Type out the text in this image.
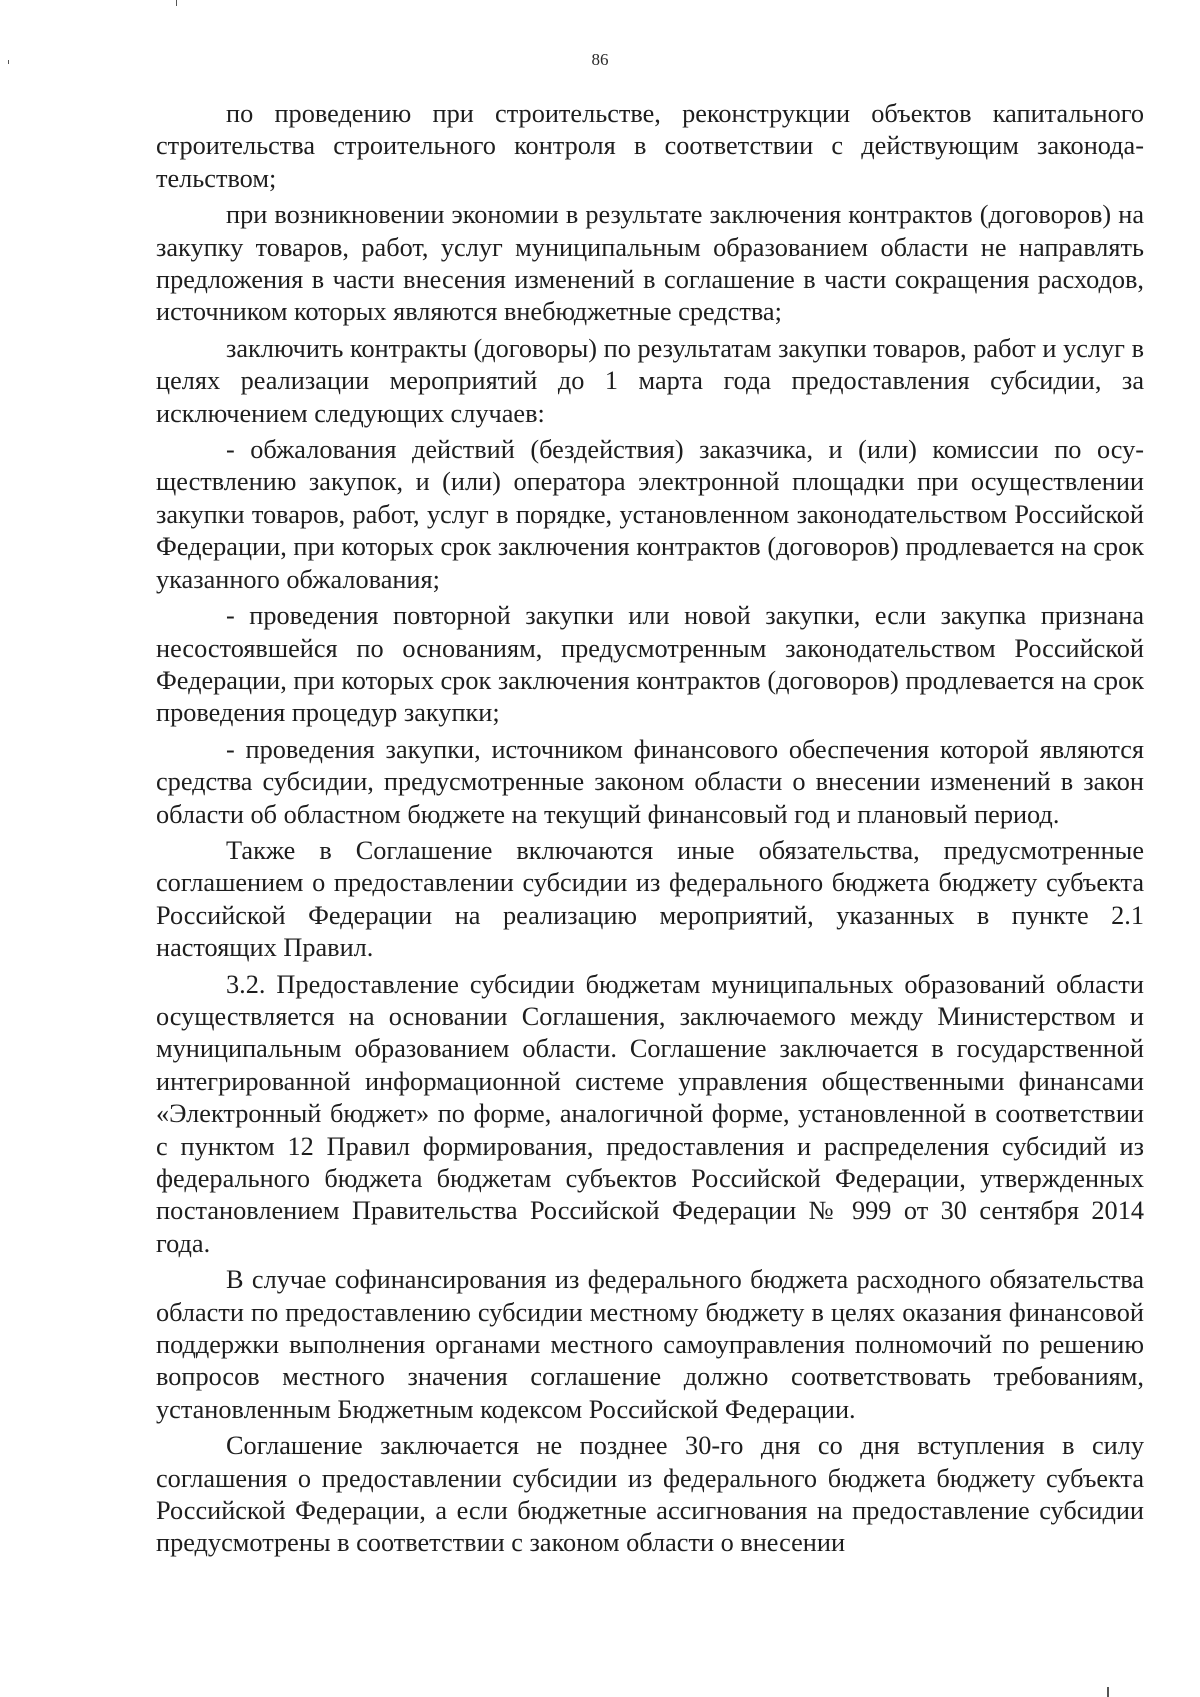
86

по проведению при строительстве, реконструкции объектов капитального строительства строительного контроля в соответствии с действующим законодательством;

при возникновении экономии в результате заключения контрактов (договоров) на закупку товаров, работ, услуг муниципальным образованием области не направлять предложения в части внесения изменений в соглашение в части сокращения расходов, источником которых являются внебюджетные средства;

заключить контракты (договоры) по результатам закупки товаров, работ и услуг в целях реализации мероприятий до 1 марта года предоставления субсидии, за исключением следующих случаев:

- обжалования действий (бездействия) заказчика, и (или) комиссии по осуществлению закупок, и (или) оператора электронной площадки при осуществлении закупки товаров, работ, услуг в порядке, установленном законодательством Российской Федерации, при которых срок заключения контрактов (договоров) продлевается на срок указанного обжалования;

- проведения повторной закупки или новой закупки, если закупка признана несостоявшейся по основаниям, предусмотренным законодательством Российской Федерации, при которых срок заключения контрактов (договоров) продлевается на срок проведения процедур закупки;

- проведения закупки, источником финансового обеспечения которой являются средства субсидии, предусмотренные законом области о внесении изменений в закон области об областном бюджете на текущий финансовый год и плановый период.

Также в Соглашение включаются иные обязательства, предусмотренные соглашением о предоставлении субсидии из федерального бюджета бюджету субъекта Российской Федерации на реализацию мероприятий, указанных в пункте 2.1 настоящих Правил.

3.2. Предоставление субсидии бюджетам муниципальных образований области осуществляется на основании Соглашения, заключаемого между Министерством и муниципальным образованием области. Соглашение заключается в государственной интегрированной информационной системе управления общественными финансами «Электронный бюджет» по форме, аналогичной форме, установленной в соответствии с пунктом 12 Правил формирования, предоставления и распределения субсидий из федерального бюджета бюджетам субъектов Российской Федерации, утвержденных постановлением Правительства Российской Федерации № 999 от 30 сентября 2014 года.

В случае софинансирования из федерального бюджета расходного обязательства области по предоставлению субсидии местному бюджету в целях оказания финансовой поддержки выполнения органами местного самоуправления полномочий по решению вопросов местного значения соглашение должно соответствовать требованиям, установленным Бюджетным кодексом Российской Федерации.

Соглашение заключается не позднее 30-го дня со дня вступления в силу соглашения о предоставлении субсидии из федерального бюджета бюджету субъекта Российской Федерации, а если бюджетные ассигнования на предоставление субсидии предусмотрены в соответствии с законом области о внесении
